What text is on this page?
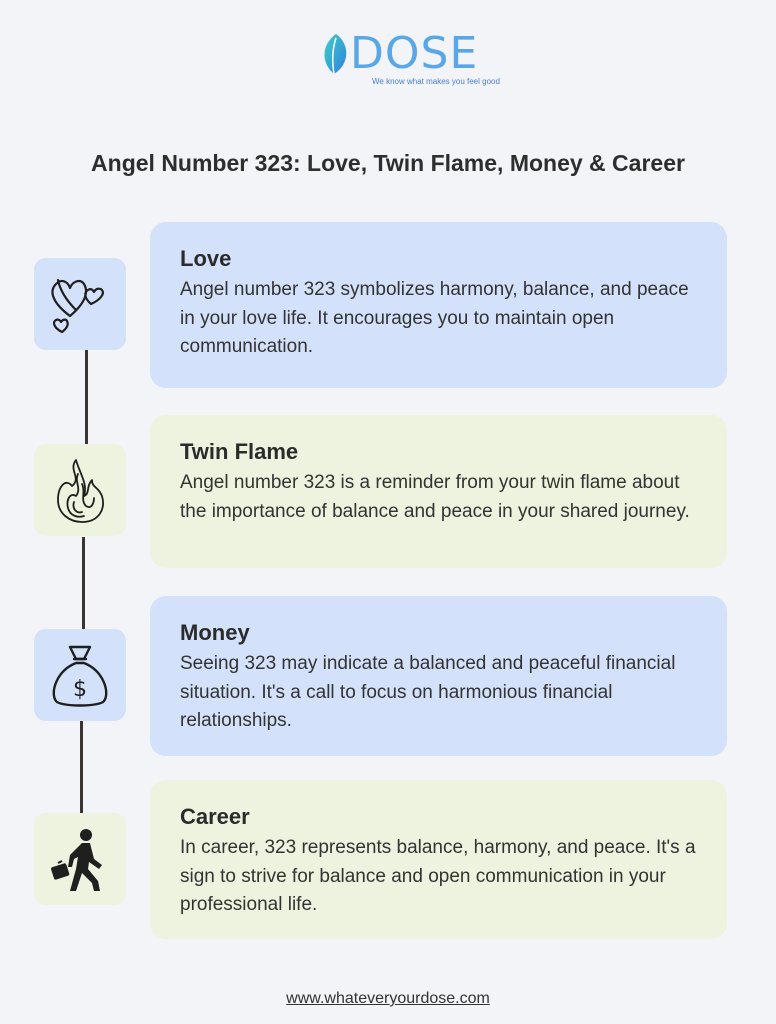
DOSE
We know what makes you feel good
Angel Number 323: Love, Twin Flame, Money & Career
$
Love
Angel number 323 symbolizes harmony, balance, and peace in your love life. It encourages you to maintain open communication.
Twin Flame
Angel number 323 is a reminder from your twin flame about the importance of balance and peace in your shared journey.
Money
Seeing 323 may indicate a balanced and peaceful financial situation. It's a call to focus on harmonious financial relationships.
Career
In career, 323 represents balance, harmony, and peace. It's a sign to strive for balance and open communication in your professional life.
www.whateveryourdose.com
